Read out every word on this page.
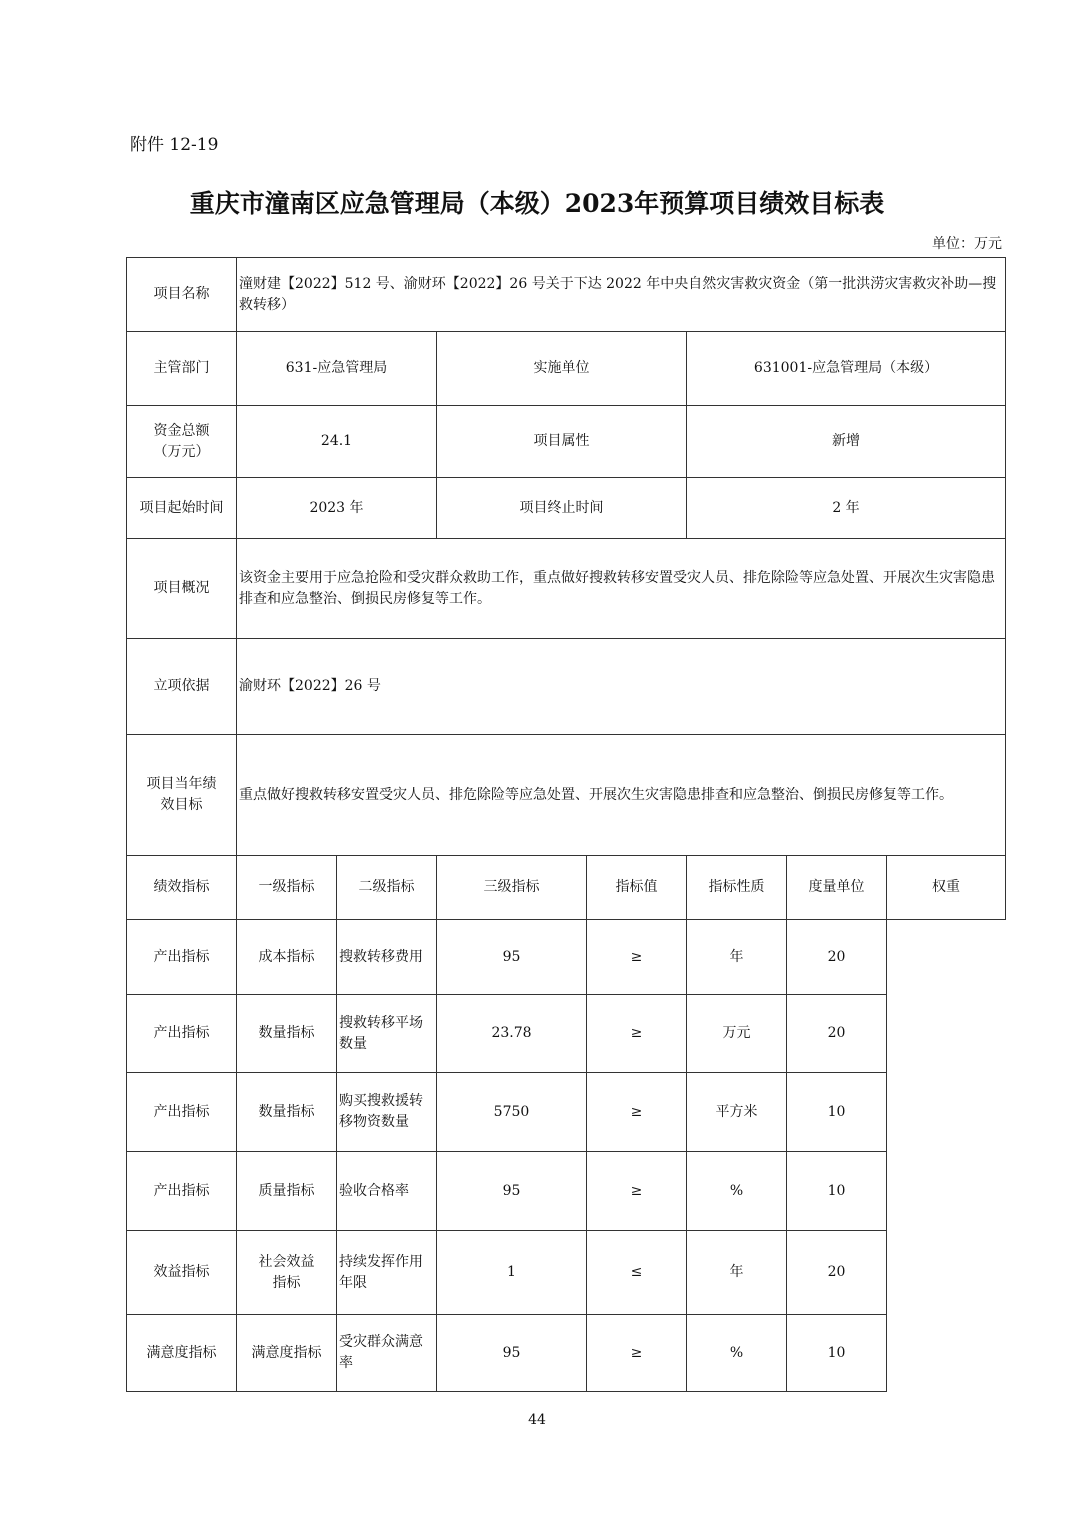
附件 12-19
重庆市潼南区应急管理局（本级）2023年预算项目绩效目标表
单位：万元
项目名称	潼财建【2022】512 号、渝财环【2022】26 号关于下达 2022 年中央自然灾害救灾资金（第一批洪涝灾害救灾补助—搜救转移）						
主管部门	631-应急管理局		实施单位		631001-应急管理局（本级）		
资金总额（万元）	24.1		项目属性		新增		
项目起始时间	2023 年		项目终止时间		2 年		
项目概况	该资金主要用于应急抢险和受灾群众救助工作，重点做好搜救转移安置受灾人员、排危除险等应急处置、开展次生灾害隐患排查和应急整治、倒损民房修复等工作。						
立项依据	渝财环【2022】26 号						
项目当年绩效目标	重点做好搜救转移安置受灾人员、排危除险等应急处置、开展次生灾害隐患排查和应急整治、倒损民房修复等工作。						
绩效指标	一级指标	二级指标	三级指标	指标值	指标性质	度量单位	权重
产出指标	成本指标	搜救转移费用	95	≥	年	20	
产出指标	数量指标	搜救转移平场数量	23.78	≥	万元	20	
产出指标	数量指标	购买搜救援转移物资数量	5750	≥	平方米	10	
产出指标	质量指标	验收合格率	95	≥	%	10	
效益指标	社会效益指标	持续发挥作用年限	1	≤	年	20	
满意度指标	满意度指标	受灾群众满意率	95	≥	%	10	
44
